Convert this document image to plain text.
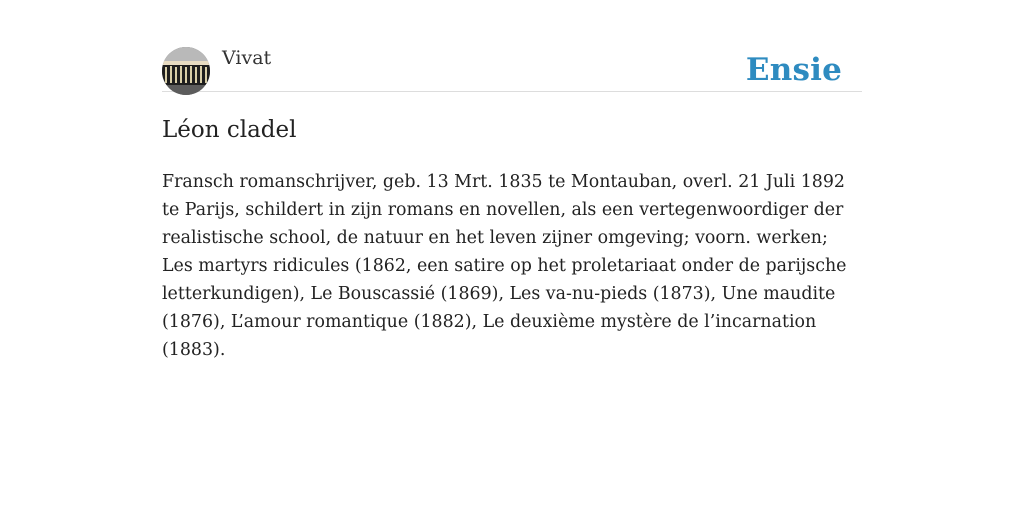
Vivat	Ensie
Léon cladel

Fransch romanschrijver, geb. 13 Mrt. 1835 te Montauban, overl. 21 Juli 1892 te Parijs, schildert in zijn romans en novellen, als een vertegenwoordiger der realistische school, de natuur en het leven zijner omgeving; voorn. werken; Les martyrs ridicules (1862, een satire op het proletariaat onder de parijsche letterkundigen), Le Bouscassié (1869), Les va-nu-pieds (1873), Une maudite (1876), L’amour romantique (1882), Le deuxième mystère de l’incarnation (1883).
